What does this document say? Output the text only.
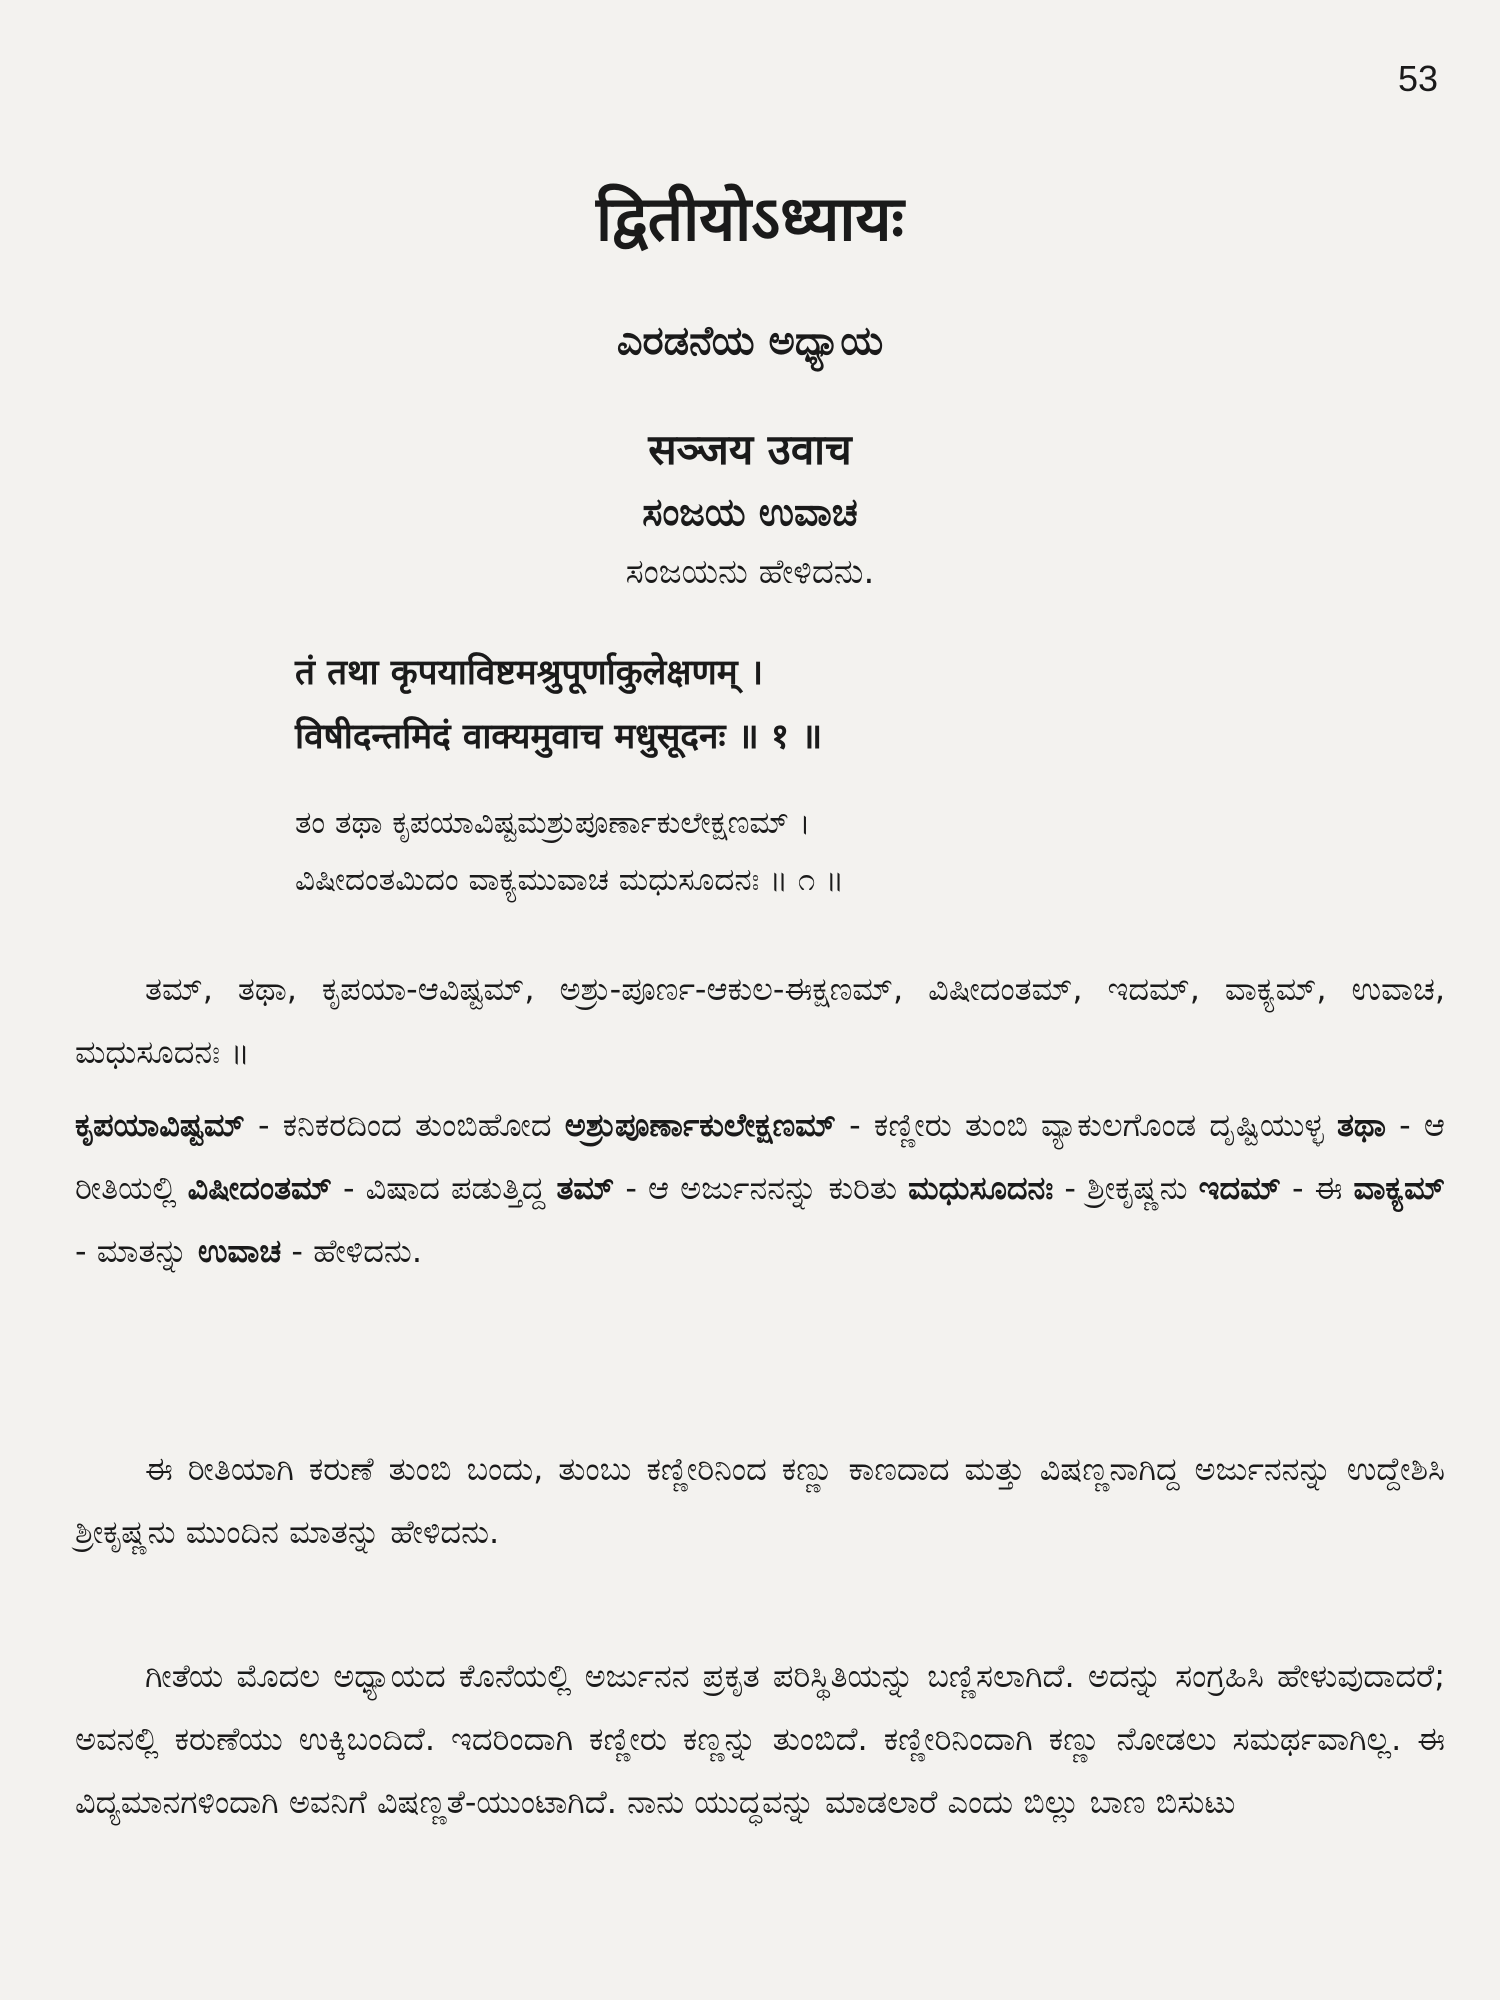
53
द्वितीयोऽध्यायः
ಎರಡನೆಯ ಅಧ್ಯಾಯ
सञ्जय उवाच
ಸಂಜಯ ಉವಾಚ
ಸಂಜಯನು ಹೇಳಿದನು.
तं तथा कृपयाविष्टमश्रुपूर्णाकुलेक्षणम् ।
विषीदन्तमिदं वाक्यमुवाच मधुसूदनः ॥ १ ॥
ತಂ ತಥಾ ಕೃಪಯಾವಿಷ್ಟಮಶ್ರುಪೂರ್ಣಾಕುಲೇಕ್ಷಣಮ್ ।
ವಿಷೀದಂತಮಿದಂ ವಾಕ್ಯಮುವಾಚ ಮಧುಸೂದನಃ ॥ ೧ ॥

ತಮ್, ತಥಾ, ಕೃಪಯಾ-ಆವಿಷ್ಟಮ್, ಅಶ್ರು-ಪೂರ್ಣ-ಆಕುಲ-ಈಕ್ಷಣಮ್, ವಿಷೀದಂತಮ್, ಇದಮ್, ವಾಕ್ಯಮ್, ಉವಾಚ, ಮಧುಸೂದನಃ ॥

ಕೃಪಯಾವಿಷ್ಟಮ್ - ಕನಿಕರದಿಂದ ತುಂಬಿಹೋದ ಅಶ್ರುಪೂರ್ಣಾಕುಲೇಕ್ಷಣಮ್ - ಕಣ್ಣೀರು ತುಂಬಿ ವ್ಯಾಕುಲಗೊಂಡ ದೃಷ್ಟಿಯುಳ್ಳ ತಥಾ - ಆ ರೀತಿಯಲ್ಲಿ ವಿಷೀದಂತಮ್ - ವಿಷಾದ ಪಡುತ್ತಿದ್ದ ತಮ್ - ಆ ಅರ್ಜುನನನ್ನು ಕುರಿತು ಮಧುಸೂದನಃ - ಶ್ರೀಕೃಷ್ಣನು ಇದಮ್ - ಈ ವಾಕ್ಯಮ್ - ಮಾತನ್ನು ಉವಾಚ - ಹೇಳಿದನು.

ಈ ರೀತಿಯಾಗಿ ಕರುಣೆ ತುಂಬಿ ಬಂದು, ತುಂಬು ಕಣ್ಣೀರಿನಿಂದ ಕಣ್ಣು ಕಾಣದಾದ ಮತ್ತು ವಿಷಣ್ಣನಾಗಿದ್ದ ಅರ್ಜುನನನ್ನು ಉದ್ದೇಶಿಸಿ ಶ್ರೀಕೃಷ್ಣನು ಮುಂದಿನ ಮಾತನ್ನು ಹೇಳಿದನು.

ಗೀತೆಯ ಮೊದಲ ಅಧ್ಯಾಯದ ಕೊನೆಯಲ್ಲಿ ಅರ್ಜುನನ ಪ್ರಕೃತ ಪರಿಸ್ಥಿತಿಯನ್ನು ಬಣ್ಣಿಸಲಾಗಿದೆ. ಅದನ್ನು ಸಂಗ್ರಹಿಸಿ ಹೇಳುವುದಾದರೆ; ಅವನಲ್ಲಿ ಕರುಣೆಯು ಉಕ್ಕಿಬಂದಿದೆ. ಇದರಿಂದಾಗಿ ಕಣ್ಣೀರು ಕಣ್ಣನ್ನು ತುಂಬಿದೆ. ಕಣ್ಣೀರಿನಿಂದಾಗಿ ಕಣ್ಣು ನೋಡಲು ಸಮರ್ಥವಾಗಿಲ್ಲ. ಈ ವಿದ್ಯಮಾನಗಳಿಂದಾಗಿ ಅವನಿಗೆ ವಿಷಣ್ಣತೆ-ಯುಂಟಾಗಿದೆ. ನಾನು ಯುದ್ಧವನ್ನು ಮಾಡಲಾರೆ ಎಂದು ಬಿಲ್ಲು ಬಾಣ ಬಿಸುಟು
